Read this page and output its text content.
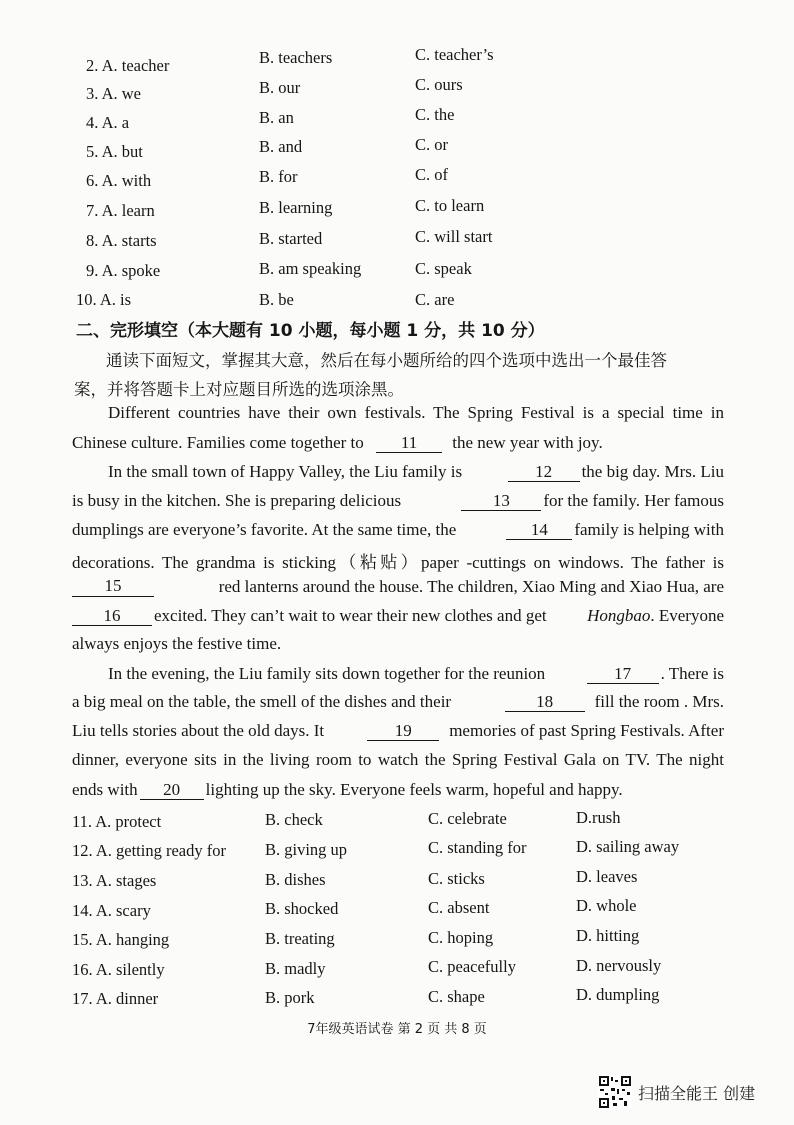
2. A. teacher	B. teachers	C. teacher’s
3. A. we	B. our	C. ours
4. A. a	B. an	C. the
5. A. but	B. and	C. or
6. A. with	B. for	C. of
7. A. learn	B. learning	C. to learn
8. A. starts	B. started	C. will start
9. A. spoke	B. am speaking	C. speak
10. A. is	B. be	C. are
二、完形填空（本大题有 10 小题，每小题 1 分，共 10 分）
通读下面短文，掌握其大意，然后在每小题所给的四个选项中选出一个最佳答
案，并将答题卡上对应题目所选的选项涂黑。
Different countries have their own festivals. The Spring Festival is a special time in
Chinese culture. Families come together to 11 the new year with joy.
In the small town of Happy Valley, the Liu family is	12 the big day. Mrs. Liu
is busy in the kitchen. She is preparing delicious	13 for the family. Her famous
dumplings are everyone’s favorite. At the same time, the	14 family is helping with
decorations. The grandma is sticking（粘贴）paper -cuttings on windows. The father is
15	red lanterns around the house. The children, Xiao Ming and Xiao Hua, are
16 excited. They can’t wait to wear their new clothes and get Hongbao. Everyone
always enjoys the festive time.
In the evening, the Liu family sits down together for the reunion	17 . There is
a big meal on the table, the smell of the dishes and their	18 fill the room . Mrs.
Liu tells stories about the old days. It	19 memories of past Spring Festivals. After
dinner, everyone sits in the living room to watch the Spring Festival Gala on TV. The night
ends with 20 lighting up the sky. Everyone feels warm, hopeful and happy.
11. A. protect	B. check	C. celebrate	D.rush
12. A. getting ready for B. giving up	C. standing for	D. sailing away
13. A. stages	B. dishes	C. sticks	D. leaves
14. A. scary	B. shocked	C. absent	D. whole
15. A. hanging	B. treating	C. hoping	D. hitting
16. A. silently	B. madly	C. peacefully	D. nervously
17. A. dinner	B. pork	C. shape	D. dumpling
7年级英语试卷 第 2 页 共 8 页
扫描全能王 创建
